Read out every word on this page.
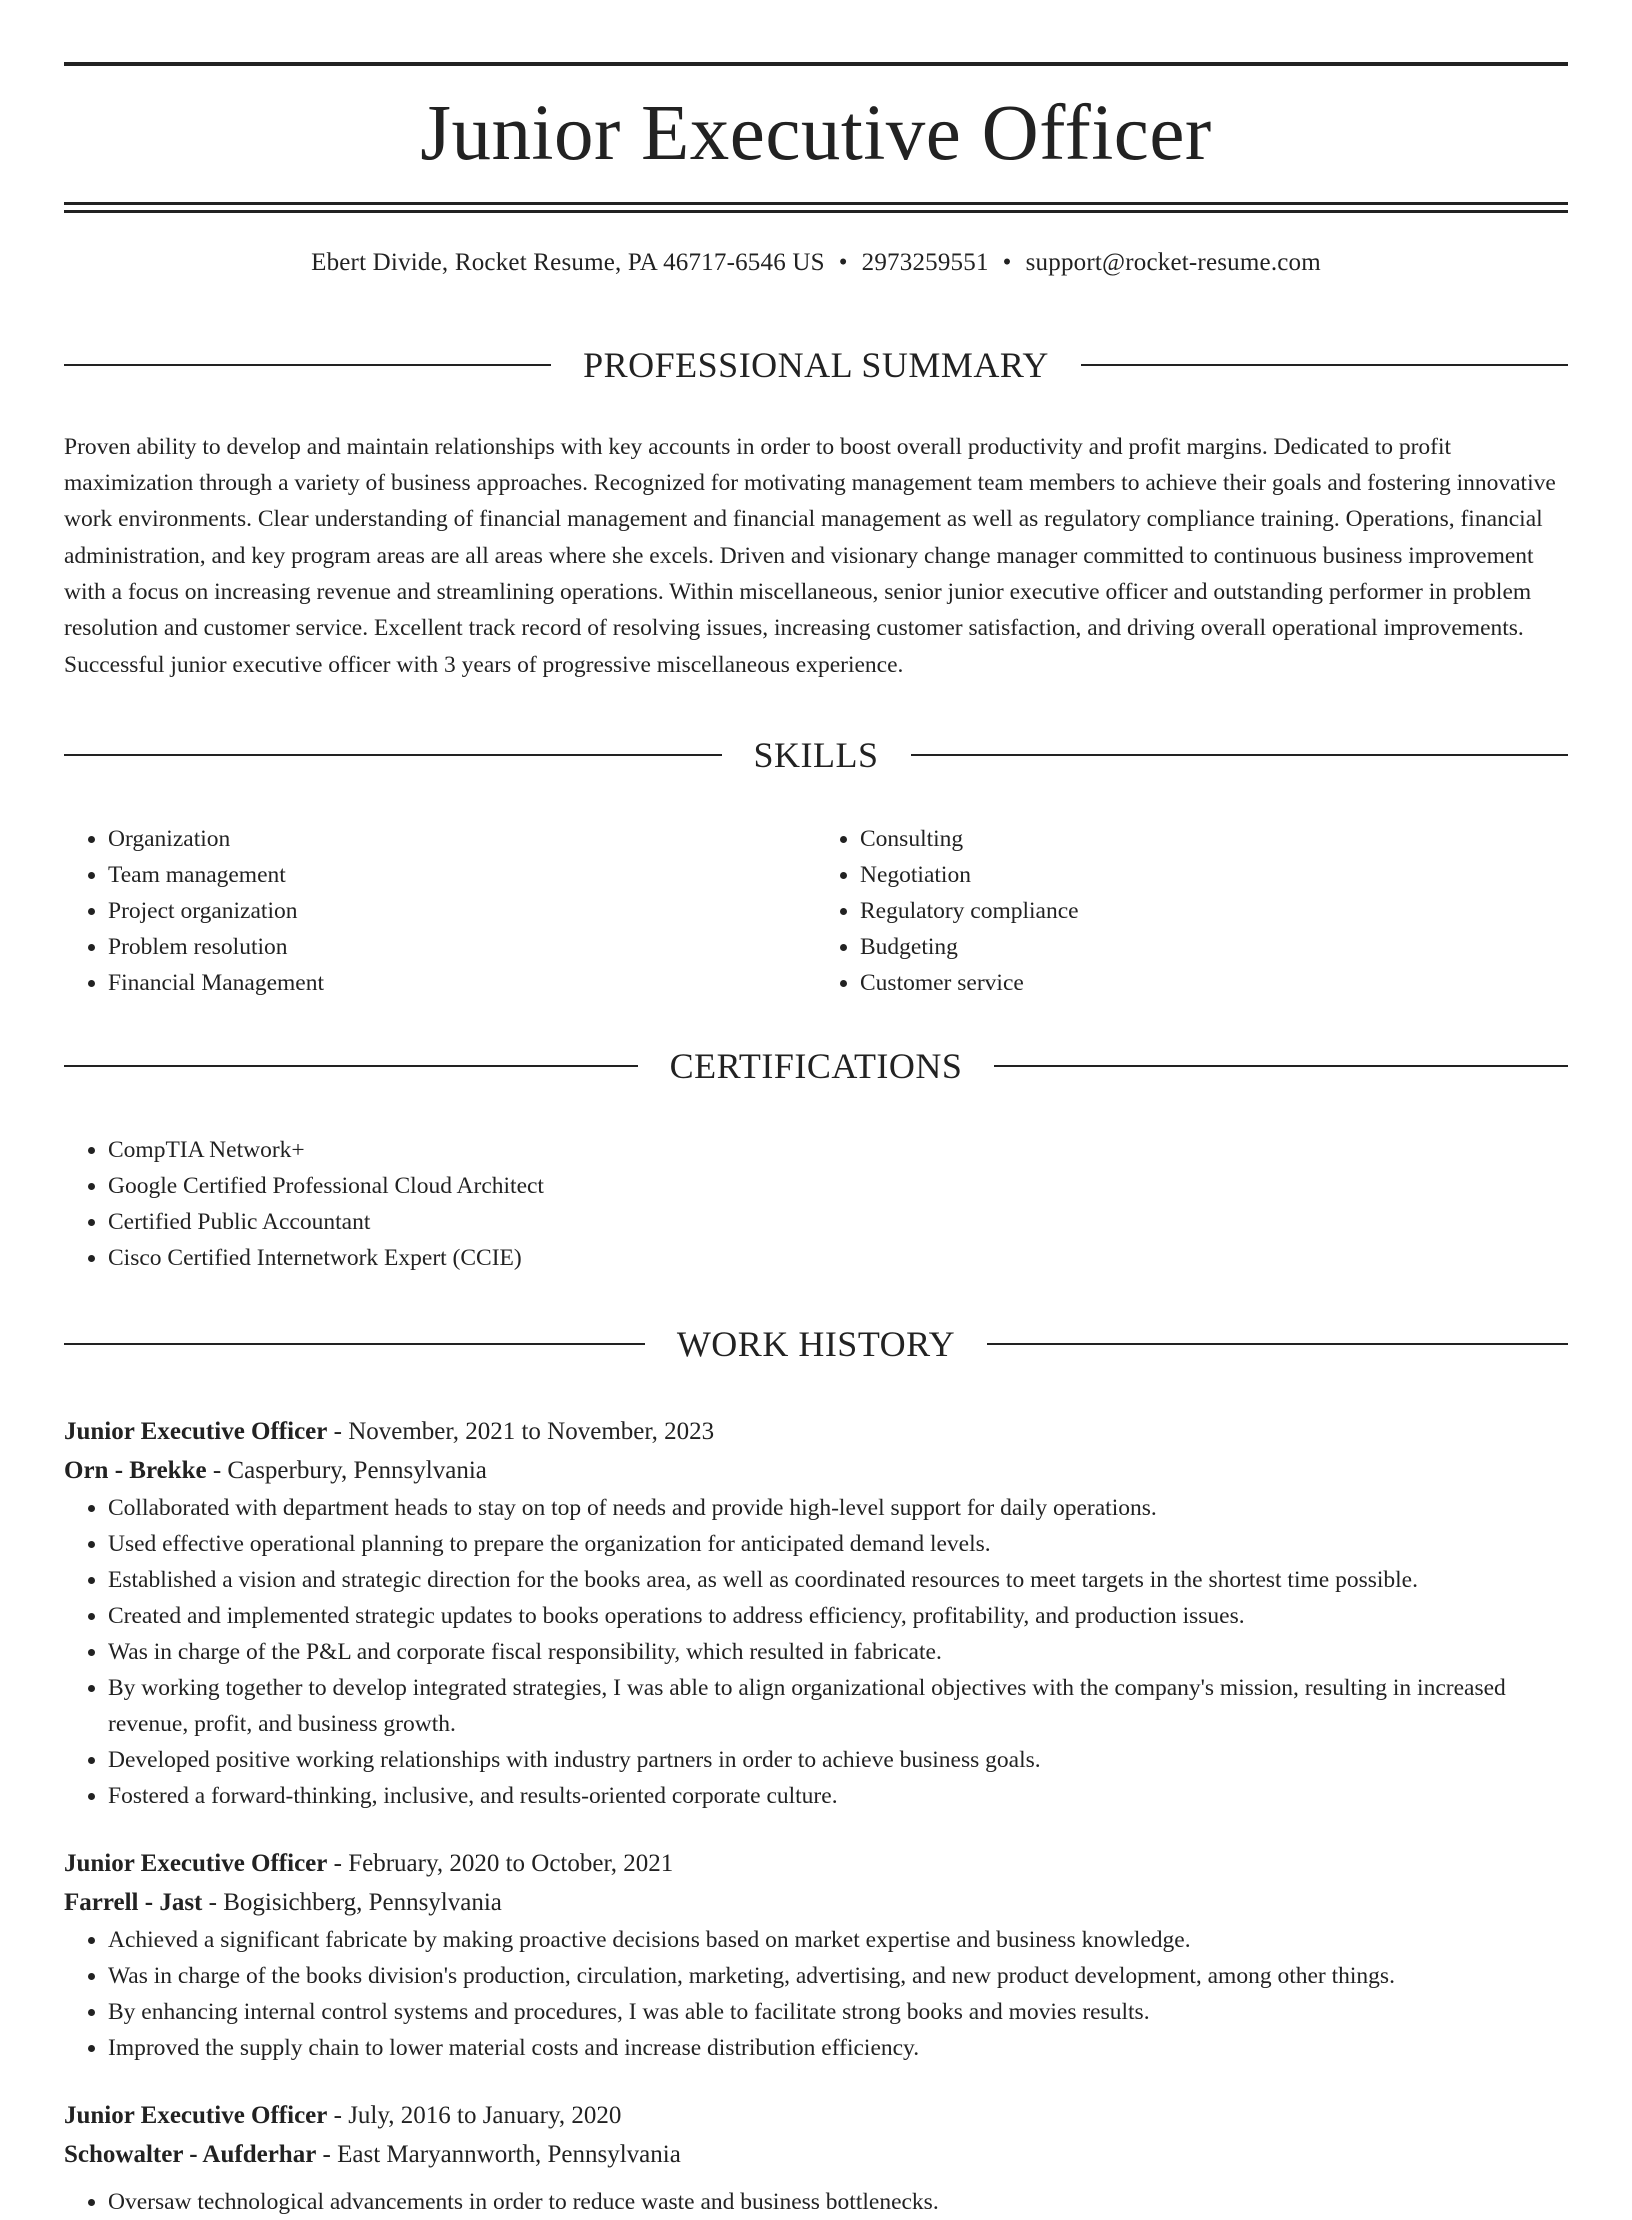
Junior Executive Officer
Ebert Divide, Rocket Resume, PA 46717-6546 US • 2973259551 • support@rocket-resume.com
PROFESSIONAL SUMMARY

Proven ability to develop and maintain relationships with key accounts in order to boost overall productivity and profit margins. Dedicated to profit maximization through a variety of business approaches. Recognized for motivating management team members to achieve their goals and fostering innovative work environments. Clear understanding of financial management and financial management as well as regulatory compliance training. Operations, financial administration, and key program areas are all areas where she excels. Driven and visionary change manager committed to continuous business improvement with a focus on increasing revenue and streamlining operations. Within miscellaneous, senior junior executive officer and outstanding performer in problem resolution and customer service. Excellent track record of resolving issues, increasing customer satisfaction, and driving overall operational improvements. Successful junior executive officer with 3 years of progressive miscellaneous experience.

SKILLS
• Organization
• Team management
• Project organization
• Problem resolution
• Financial Management
• Consulting
• Negotiation
• Regulatory compliance
• Budgeting
• Customer service
CERTIFICATIONS
• CompTIA Network+
• Google Certified Professional Cloud Architect
• Certified Public Accountant
• Cisco Certified Internetwork Expert (CCIE)
WORK HISTORY

Junior Executive Officer - November, 2021 to November, 2023

Orn - Brekke - Casperbury, Pennsylvania

• Collaborated with department heads to stay on top of needs and provide high-level support for daily operations.
• Used effective operational planning to prepare the organization for anticipated demand levels.
• Established a vision and strategic direction for the books area, as well as coordinated resources to meet targets in the shortest time possible.
• Created and implemented strategic updates to books operations to address efficiency, profitability, and production issues.
• Was in charge of the P&L and corporate fiscal responsibility, which resulted in fabricate.
• By working together to develop integrated strategies, I was able to align organizational objectives with the company's mission, resulting in increased revenue, profit, and business growth.
• Developed positive working relationships with industry partners in order to achieve business goals.
• Fostered a forward-thinking, inclusive, and results-oriented corporate culture.

Junior Executive Officer - February, 2020 to October, 2021

Farrell - Jast - Bogisichberg, Pennsylvania

• Achieved a significant fabricate by making proactive decisions based on market expertise and business knowledge.
• Was in charge of the books division's production, circulation, marketing, advertising, and new product development, among other things.
• By enhancing internal control systems and procedures, I was able to facilitate strong books and movies results.
• Improved the supply chain to lower material costs and increase distribution efficiency.

Junior Executive Officer - July, 2016 to January, 2020

Schowalter - Aufderhar - East Maryannworth, Pennsylvania

• Oversaw technological advancements in order to reduce waste and business bottlenecks.
